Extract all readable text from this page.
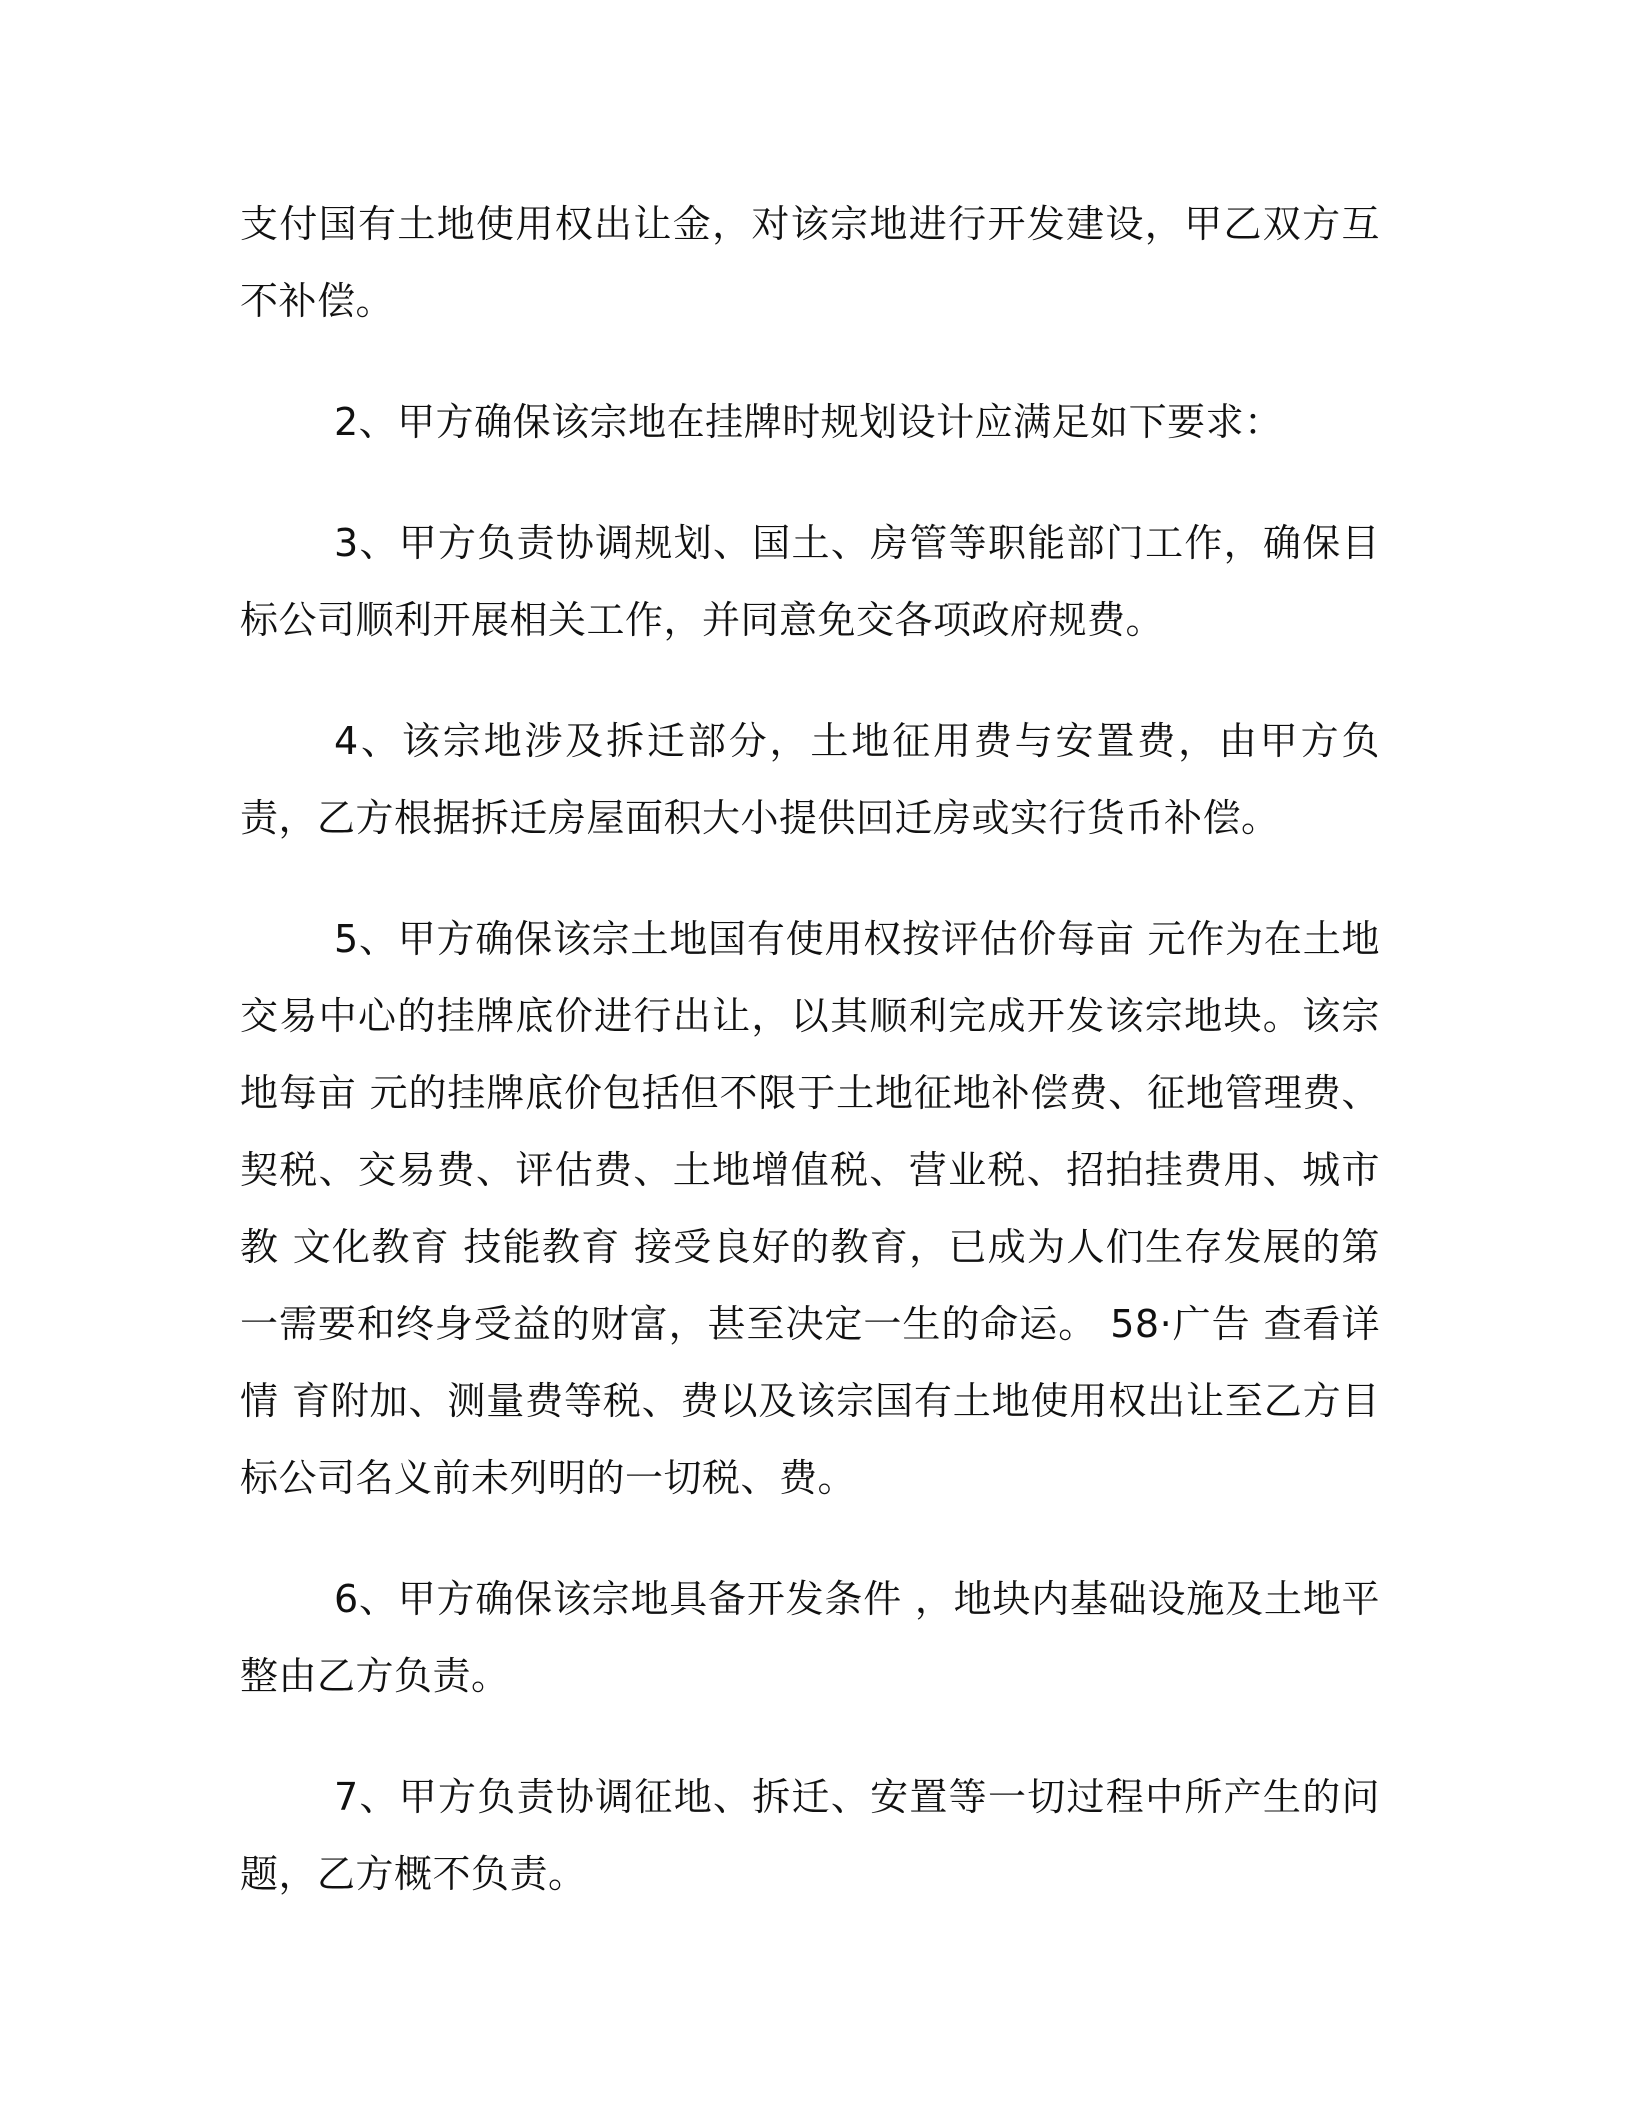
支付国有土地使用权出让金，对该宗地进行开发建设，甲乙双方互不补偿。

2、甲方确保该宗地在挂牌时规划设计应满足如下要求：

3、甲方负责协调规划、国土、房管等职能部门工作，确保目标公司顺利开展相关工作，并同意免交各项政府规费。

4、该宗地涉及拆迁部分，土地征用费与安置费，由甲方负责，乙方根据拆迁房屋面积大小提供回迁房或实行货币补偿。

5、甲方确保该宗土地国有使用权按评估价每亩 元作为在土地交易中心的挂牌底价进行出让，以其顺利完成开发该宗地块。该宗地每亩 元的挂牌底价包括但不限于土地征地补偿费、征地管理费、契税、交易费、评估费、土地增值税、营业税、招拍挂费用、城市教 文化教育 技能教育 接受良好的教育，已成为人们生存发展的第一需要和终身受益的财富，甚至决定一生的命运。 58·广告 查看详情 育附加、测量费等税、费以及该宗国有土地使用权出让至乙方目标公司名义前未列明的一切税、费。

6、甲方确保该宗地具备开发条件 ，地块内基础设施及土地平整由乙方负责。

7、甲方负责协调征地、拆迁、安置等一切过程中所产生的问题，乙方概不负责。
